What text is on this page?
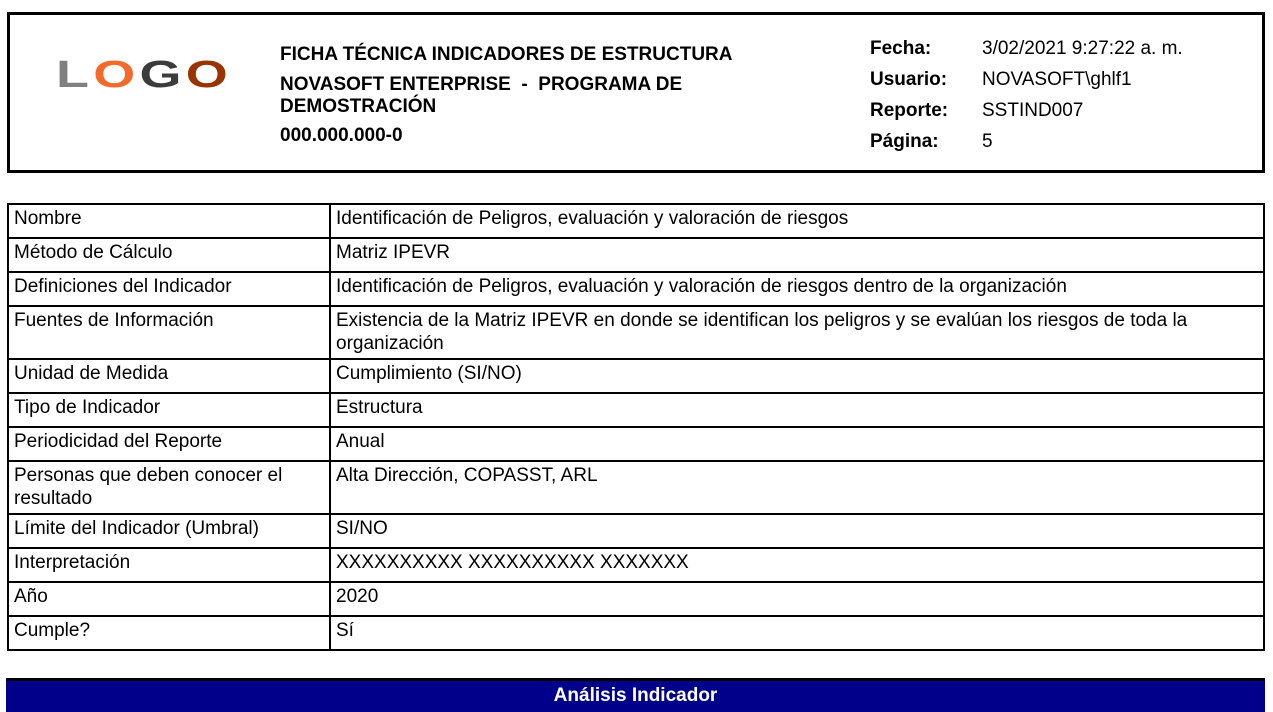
LOGO	FICHA TÉCNICA INDICADORES DE ESTRUCTURA
NOVASOFT ENTERPRISE  -  PROGRAMA DE DEMOSTRACIÓN
000.000.000-0
Fecha:	3/02/2021 9:27:22 a. m.
Usuario:	NOVASOFT\ghlf1
Reporte:	SSTIND007
Página:	5
Nombre	Identificación de Peligros, evaluación y valoración de riesgos
Método de Cálculo	Matriz IPEVR
Definiciones del Indicador	Identificación de Peligros, evaluación y valoración de riesgos dentro de la organización
Fuentes de Información	Existencia de la Matriz IPEVR en donde se identifican los peligros y se evalúan los riesgos de toda la organización
Unidad de Medida	Cumplimiento (SI/NO)
Tipo de Indicador	Estructura
Periodicidad del Reporte	Anual
Personas que deben conocer el resultado	Alta Dirección, COPASST, ARL
Límite del Indicador (Umbral)	SI/NO
Interpretación	XXXXXXXXXX XXXXXXXXXX XXXXXXX
Año	2020
Cumple?	Sí
Análisis Indicador
